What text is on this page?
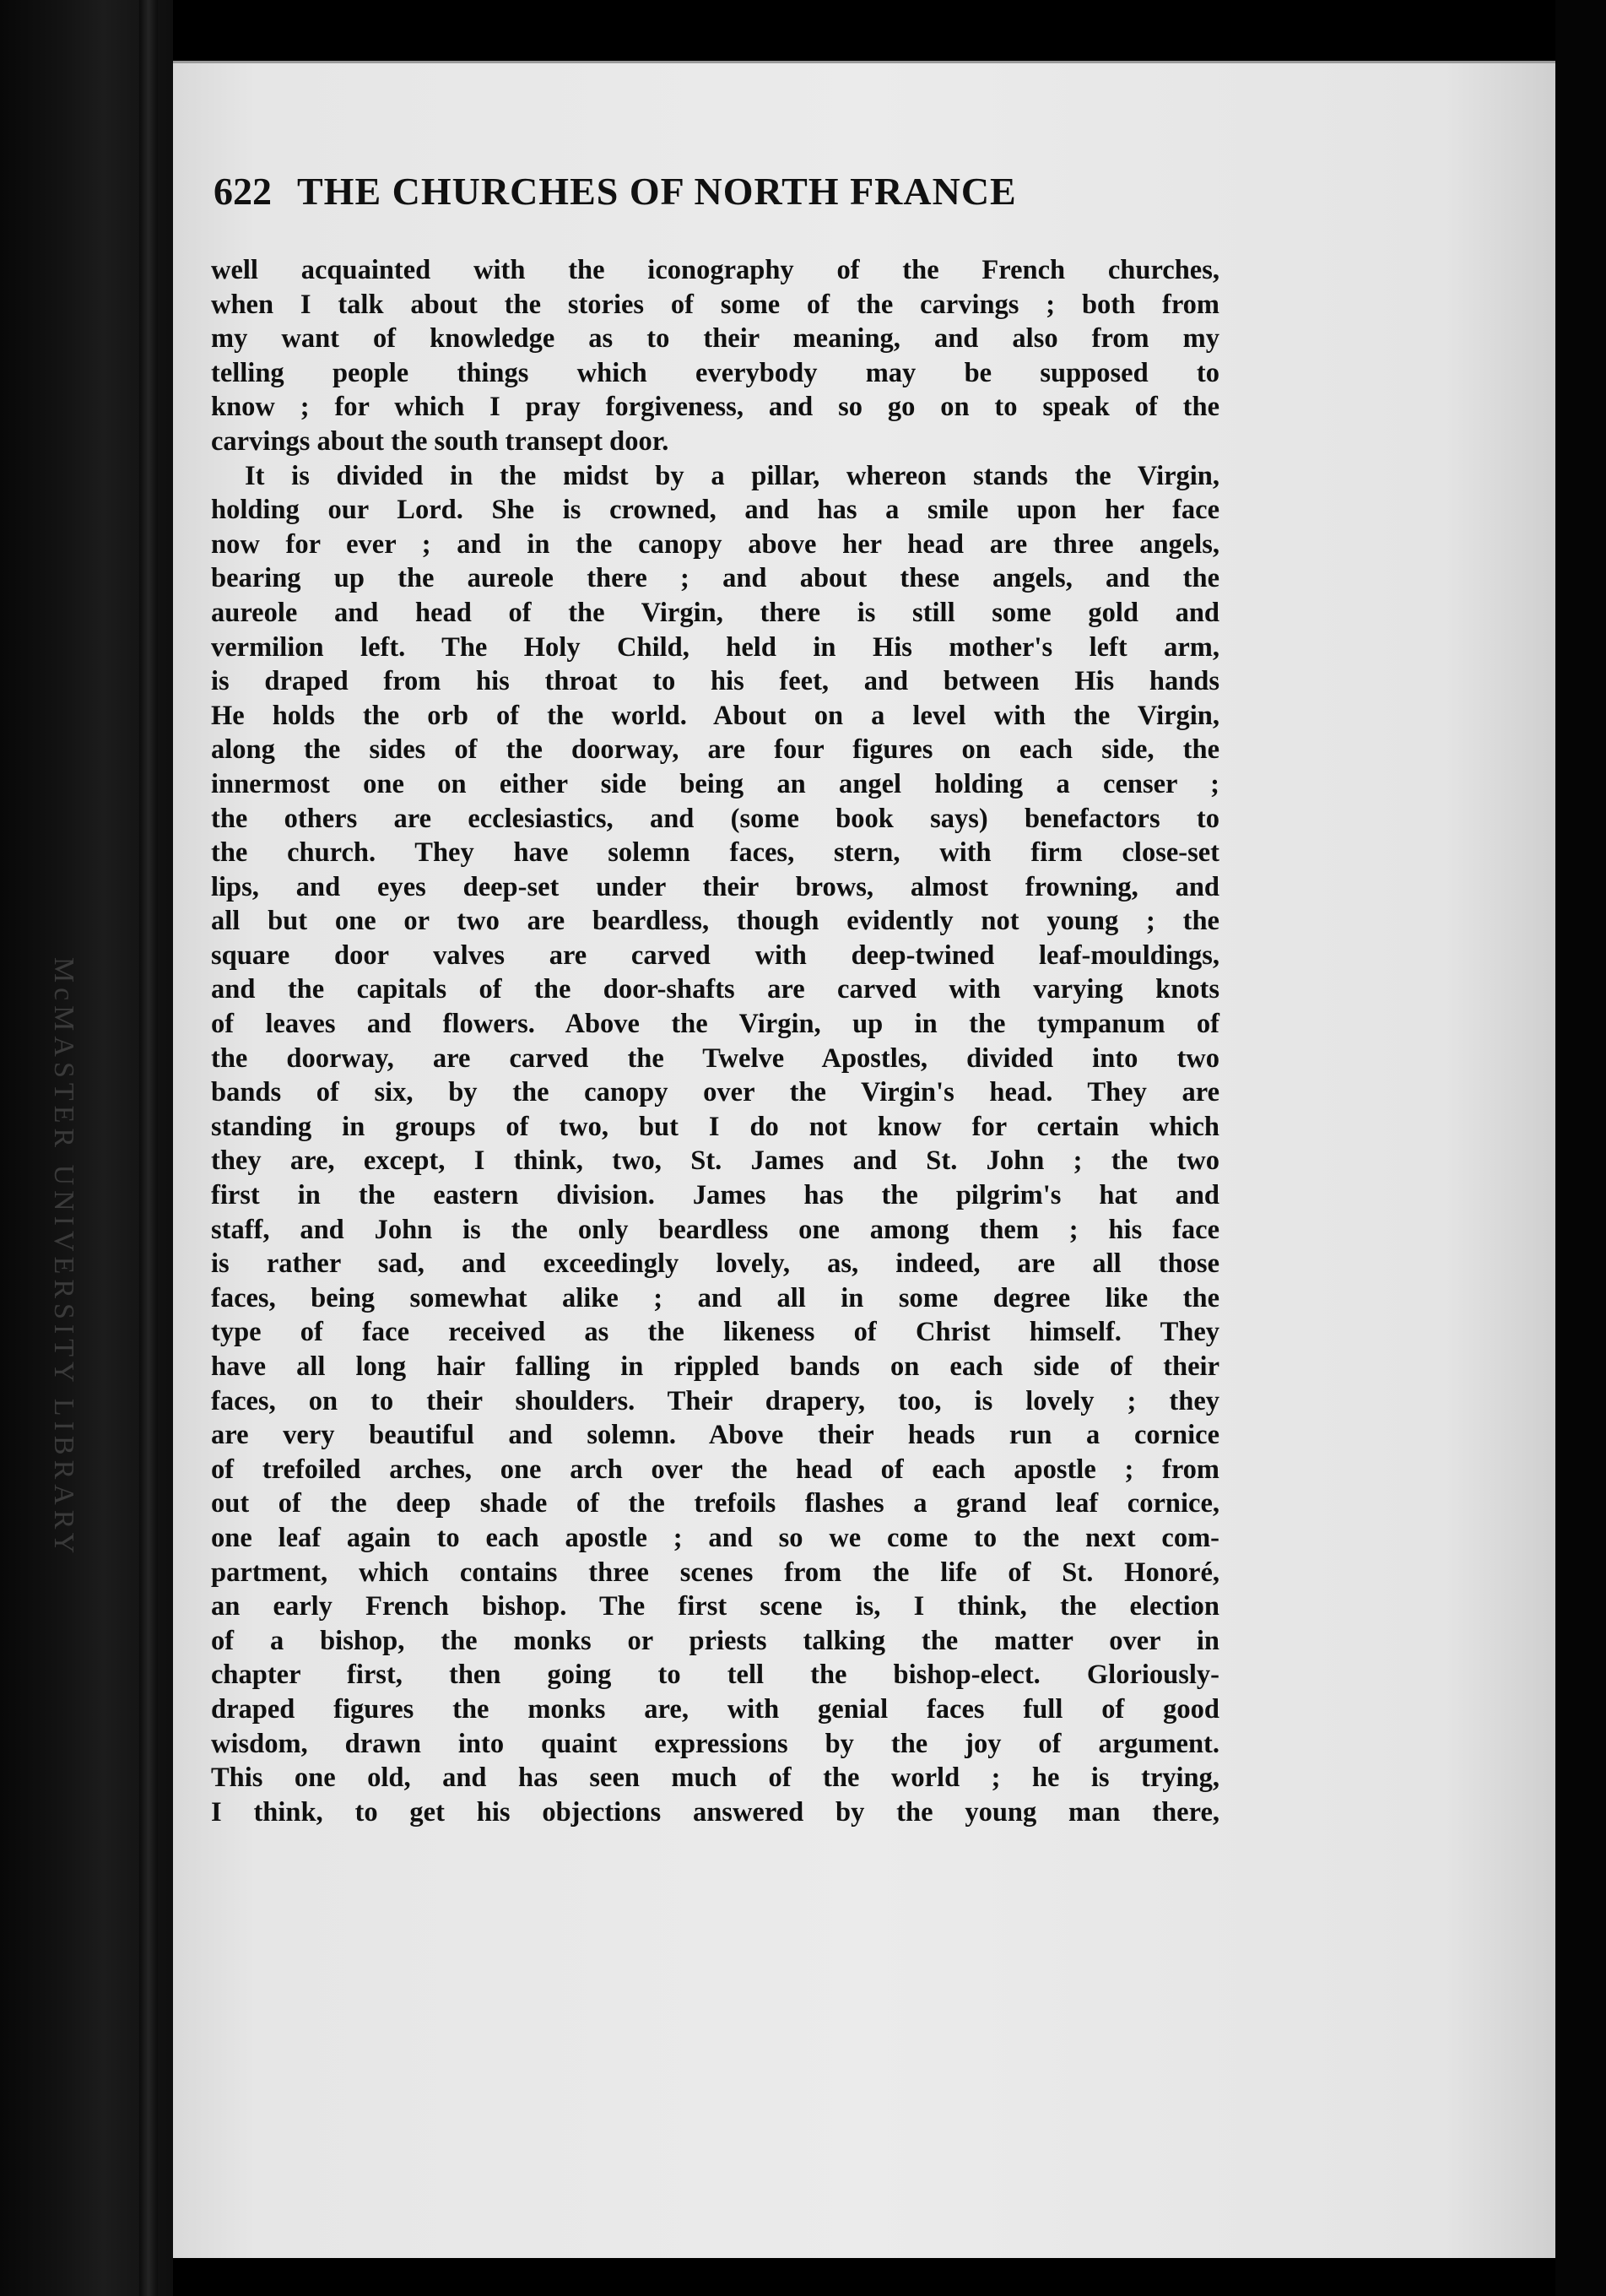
McMASTER UNIVERSITY LIBRARY
622 THE CHURCHES OF NORTH FRANCE
well acquainted with the iconography of the French churches,
when I talk about the stories of some of the carvings ; both from
my want of knowledge as to their meaning, and also from my
telling people things which everybody may be supposed to
know ; for which I pray forgiveness, and so go on to speak of the
carvings about the south transept door.
It is divided in the midst by a pillar, whereon stands the Virgin,
holding our Lord. She is crowned, and has a smile upon her face
now for ever ; and in the canopy above her head are three angels,
bearing up the aureole there ; and about these angels, and the
aureole and head of the Virgin, there is still some gold and
vermilion left. The Holy Child, held in His mother's left arm,
is draped from his throat to his feet, and between His hands
He holds the orb of the world. About on a level with the Virgin,
along the sides of the doorway, are four figures on each side, the
innermost one on either side being an angel holding a censer ;
the others are ecclesiastics, and (some book says) benefactors to
the church. They have solemn faces, stern, with firm close-set
lips, and eyes deep-set under their brows, almost frowning, and
all but one or two are beardless, though evidently not young ; the
square door valves are carved with deep-twined leaf-mouldings,
and the capitals of the door-shafts are carved with varying knots
of leaves and flowers. Above the Virgin, up in the tympanum of
the doorway, are carved the Twelve Apostles, divided into two
bands of six, by the canopy over the Virgin's head. They are
standing in groups of two, but I do not know for certain which
they are, except, I think, two, St. James and St. John ; the two
first in the eastern division. James has the pilgrim's hat and
staff, and John is the only beardless one among them ; his face
is rather sad, and exceedingly lovely, as, indeed, are all those
faces, being somewhat alike ; and all in some degree like the
type of face received as the likeness of Christ himself. They
have all long hair falling in rippled bands on each side of their
faces, on to their shoulders. Their drapery, too, is lovely ; they
are very beautiful and solemn. Above their heads run a cornice
of trefoiled arches, one arch over the head of each apostle ; from
out of the deep shade of the trefoils flashes a grand leaf cornice,
one leaf again to each apostle ; and so we come to the next com-
partment, which contains three scenes from the life of St. Honoré,
an early French bishop. The first scene is, I think, the election
of a bishop, the monks or priests talking the matter over in
chapter first, then going to tell the bishop-elect. Gloriously-
draped figures the monks are, with genial faces full of good
wisdom, drawn into quaint expressions by the joy of argument.
This one old, and has seen much of the world ; he is trying,
I think, to get his objections answered by the young man there,
